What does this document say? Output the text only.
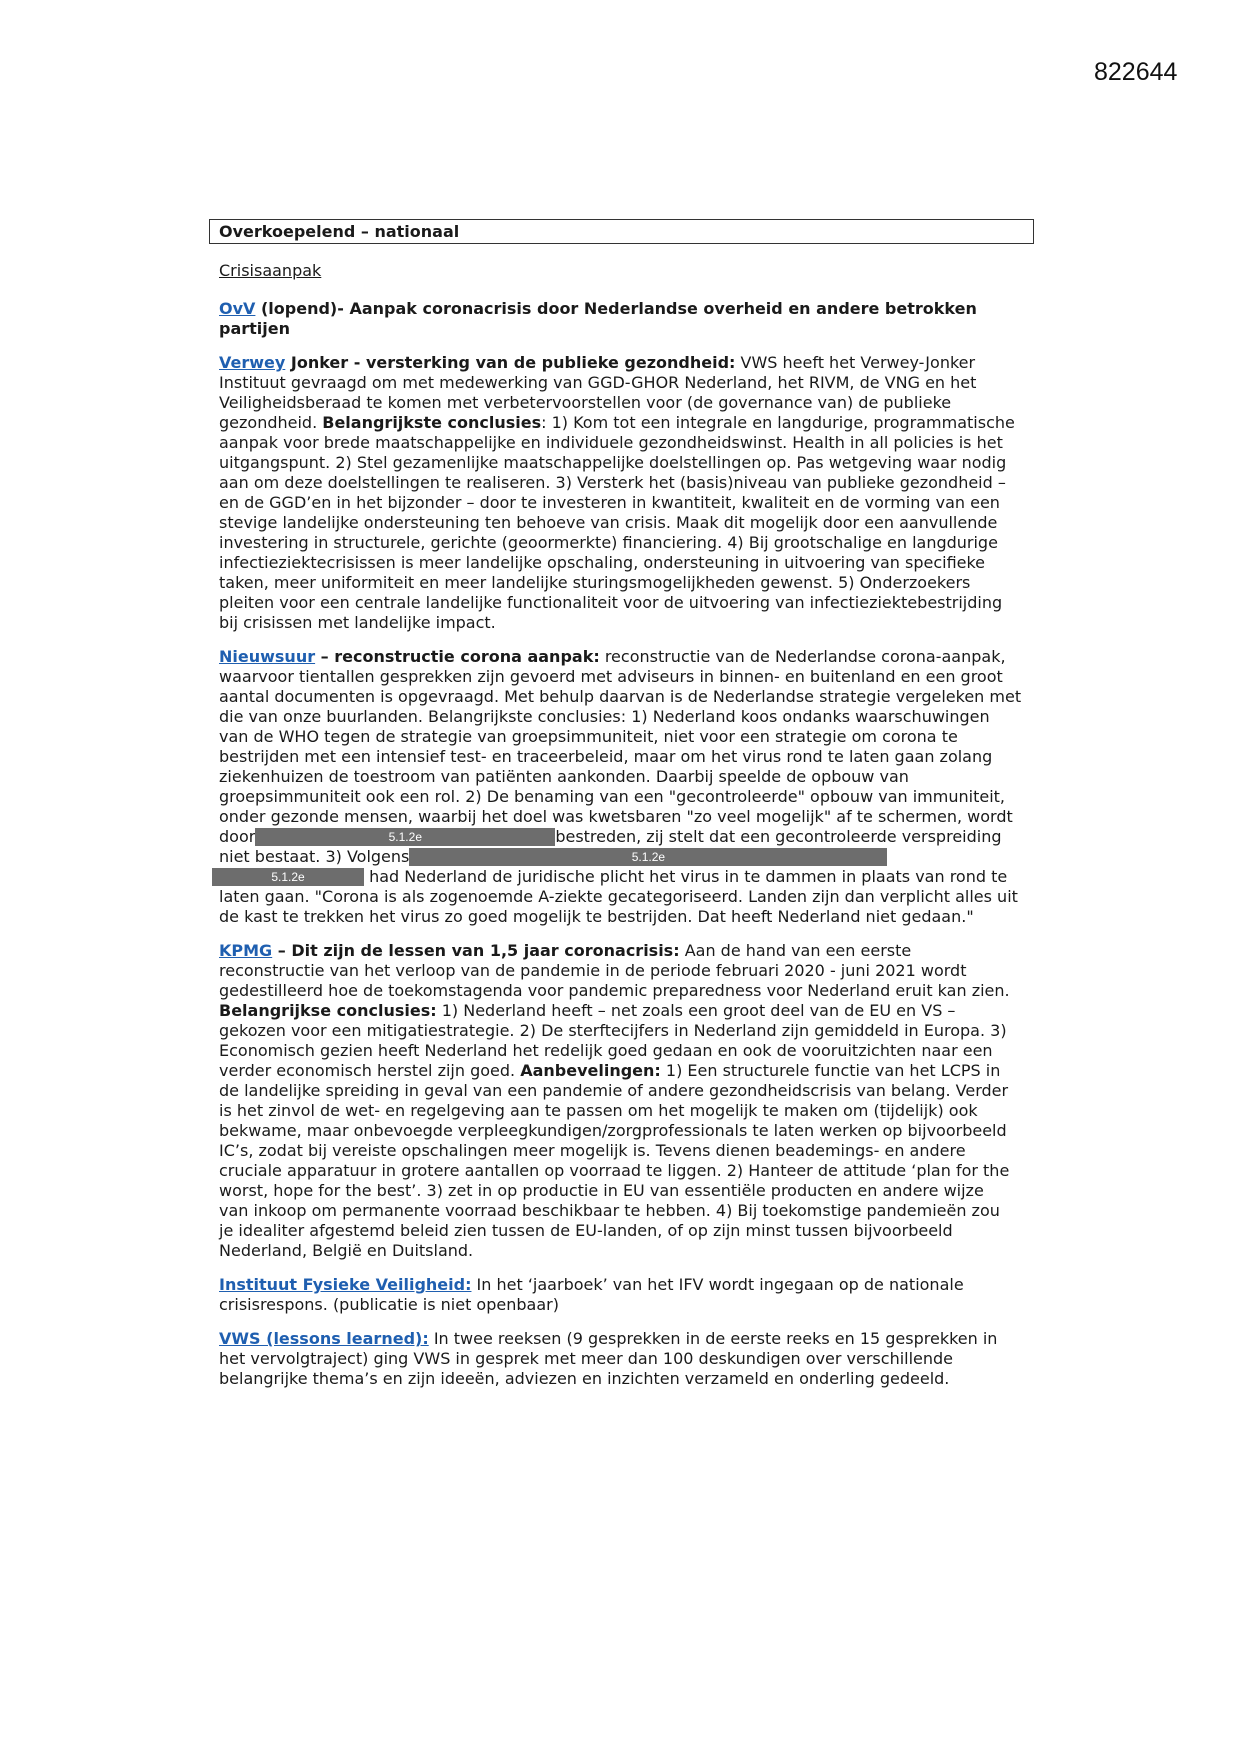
822644
Overkoepelend – nationaal
Crisisaanpak
OvV (lopend)- Aanpak coronacrisis door Nederlandse overheid en andere betrokken
partijen
Verwey Jonker - versterking van de publieke gezondheid: VWS heeft het Verwey-Jonker
Instituut gevraagd om met medewerking van GGD-GHOR Nederland, het RIVM, de VNG en het
Veiligheidsberaad te komen met verbetervoorstellen voor (de governance van) de publieke
gezondheid. Belangrijkste conclusies: 1) Kom tot een integrale en langdurige, programmatische
aanpak voor brede maatschappelijke en individuele gezondheidswinst. Health in all policies is het
uitgangspunt. 2) Stel gezamenlijke maatschappelijke doelstellingen op. Pas wetgeving waar nodig
aan om deze doelstellingen te realiseren. 3) Versterk het (basis)niveau van publieke gezondheid –
en de GGD’en in het bijzonder – door te investeren in kwantiteit, kwaliteit en de vorming van een
stevige landelijke ondersteuning ten behoeve van crisis. Maak dit mogelijk door een aanvullende
investering in structurele, gerichte (geoormerkte) financiering. 4) Bij grootschalige en langdurige
infectieziektecrisissen is meer landelijke opschaling, ondersteuning in uitvoering van specifieke
taken, meer uniformiteit en meer landelijke sturingsmogelijkheden gewenst. 5) Onderzoekers
pleiten voor een centrale landelijke functionaliteit voor de uitvoering van infectieziektebestrijding
bij crisissen met landelijke impact.
Nieuwsuur – reconstructie corona aanpak: reconstructie van de Nederlandse corona-aanpak,
waarvoor tientallen gesprekken zijn gevoerd met adviseurs in binnen- en buitenland en een groot
aantal documenten is opgevraagd. Met behulp daarvan is de Nederlandse strategie vergeleken met
die van onze buurlanden. Belangrijkste conclusies: 1) Nederland koos ondanks waarschuwingen
van de WHO tegen de strategie van groepsimmuniteit, niet voor een strategie om corona te
bestrijden met een intensief test- en traceerbeleid, maar om het virus rond te laten gaan zolang
ziekenhuizen de toestroom van patiënten aankonden. Daarbij speelde de opbouw van
groepsimmuniteit ook een rol. 2) De benaming van een "gecontroleerde" opbouw van immuniteit,
onder gezonde mensen, waarbij het doel was kwetsbaren "zo veel mogelijk" af te schermen, wordt
door	5.1.2e	bestreden, zij stelt dat een gecontroleerde verspreiding
niet bestaat. 3) Volgens	5.1.2e
5.1.2e	had Nederland de juridische plicht het virus in te dammen in plaats van rond te
laten gaan. "Corona is als zogenoemde A-ziekte gecategoriseerd. Landen zijn dan verplicht alles uit
de kast te trekken het virus zo goed mogelijk te bestrijden. Dat heeft Nederland niet gedaan."
KPMG – Dit zijn de lessen van 1,5 jaar coronacrisis: Aan de hand van een eerste
reconstructie van het verloop van de pandemie in de periode februari 2020 - juni 2021 wordt
gedestilleerd hoe de toekomstagenda voor pandemic preparedness voor Nederland eruit kan zien.
Belangrijkse conclusies: 1) Nederland heeft – net zoals een groot deel van de EU en VS –
gekozen voor een mitigatiestrategie. 2) De sterftecijfers in Nederland zijn gemiddeld in Europa. 3)
Economisch gezien heeft Nederland het redelijk goed gedaan en ook de vooruitzichten naar een
verder economisch herstel zijn goed. Aanbevelingen: 1) Een structurele functie van het LCPS in
de landelijke spreiding in geval van een pandemie of andere gezondheidscrisis van belang. Verder
is het zinvol de wet- en regelgeving aan te passen om het mogelijk te maken om (tijdelijk) ook
bekwame, maar onbevoegde verpleegkundigen/zorgprofessionals te laten werken op bijvoorbeeld
IC’s, zodat bij vereiste opschalingen meer mogelijk is. Tevens dienen beademings- en andere
cruciale apparatuur in grotere aantallen op voorraad te liggen. 2) Hanteer de attitude ‘plan for the
worst, hope for the best’. 3) zet in op productie in EU van essentiële producten en andere wijze
van inkoop om permanente voorraad beschikbaar te hebben. 4) Bij toekomstige pandemieën zou
je idealiter afgestemd beleid zien tussen de EU-landen, of op zijn minst tussen bijvoorbeeld
Nederland, België en Duitsland.
Instituut Fysieke Veiligheid: In het ‘jaarboek’ van het IFV wordt ingegaan op de nationale
crisisrespons. (publicatie is niet openbaar)
VWS (lessons learned): In twee reeksen (9 gesprekken in de eerste reeks en 15 gesprekken in
het vervolgtraject) ging VWS in gesprek met meer dan 100 deskundigen over verschillende
belangrijke thema’s en zijn ideeën, adviezen en inzichten verzameld en onderling gedeeld.
